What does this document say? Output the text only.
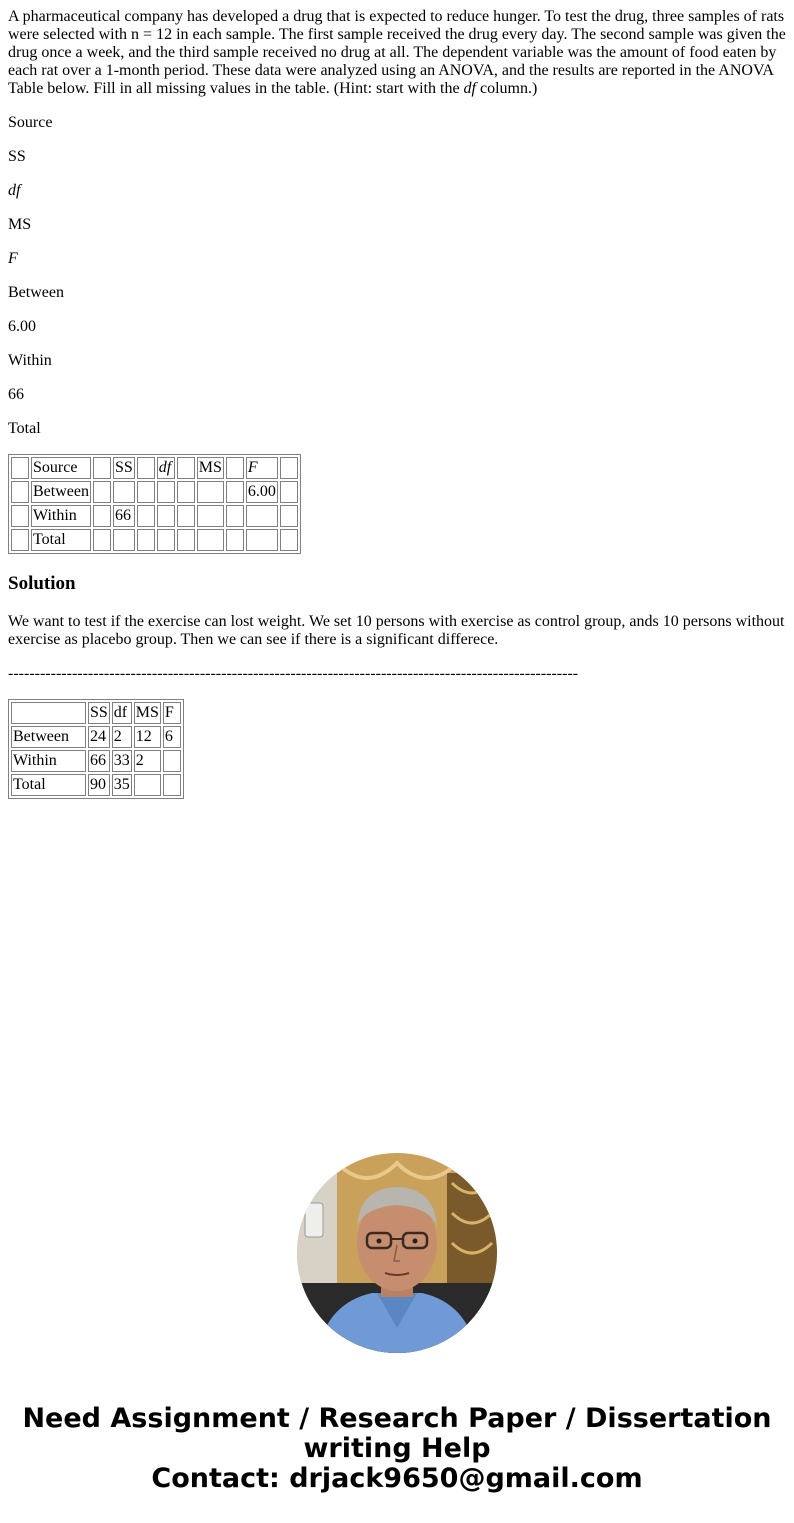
A pharmaceutical company has developed a drug that is expected to reduce hunger. To test the drug, three samples of rats were selected with n = 12 in each sample. The first sample received the drug every day. The second sample was given the drug once a week, and the third sample received no drug at all. The dependent variable was the amount of food eaten by each rat over a 1-month period. These data were analyzed using an ANOVA, and the results are reported in the ANOVA Table below. Fill in all missing values in the table. (Hint: start with the df column.)

Source

SS

df

MS

F

Between

6.00

Within

66

Total

	Source		SS		df		MS		F	
	Between								6.00	
	Within		66							
	Total									
Solution

We want to test if the exercise can lost weight. We set 10 persons with exercise as control group, ands 10 persons without exercise as placebo group. Then we can see if there is a significant differece.

-----------------------------------------------------------------------------------------------------------

	SS	df	MS	F
Between	24	2	12	6
Within	66	33	2	
Total	90	35		
Need Assignment / Research Paper / Dissertation
writing Help
Contact: drjack9650@gmail.com
